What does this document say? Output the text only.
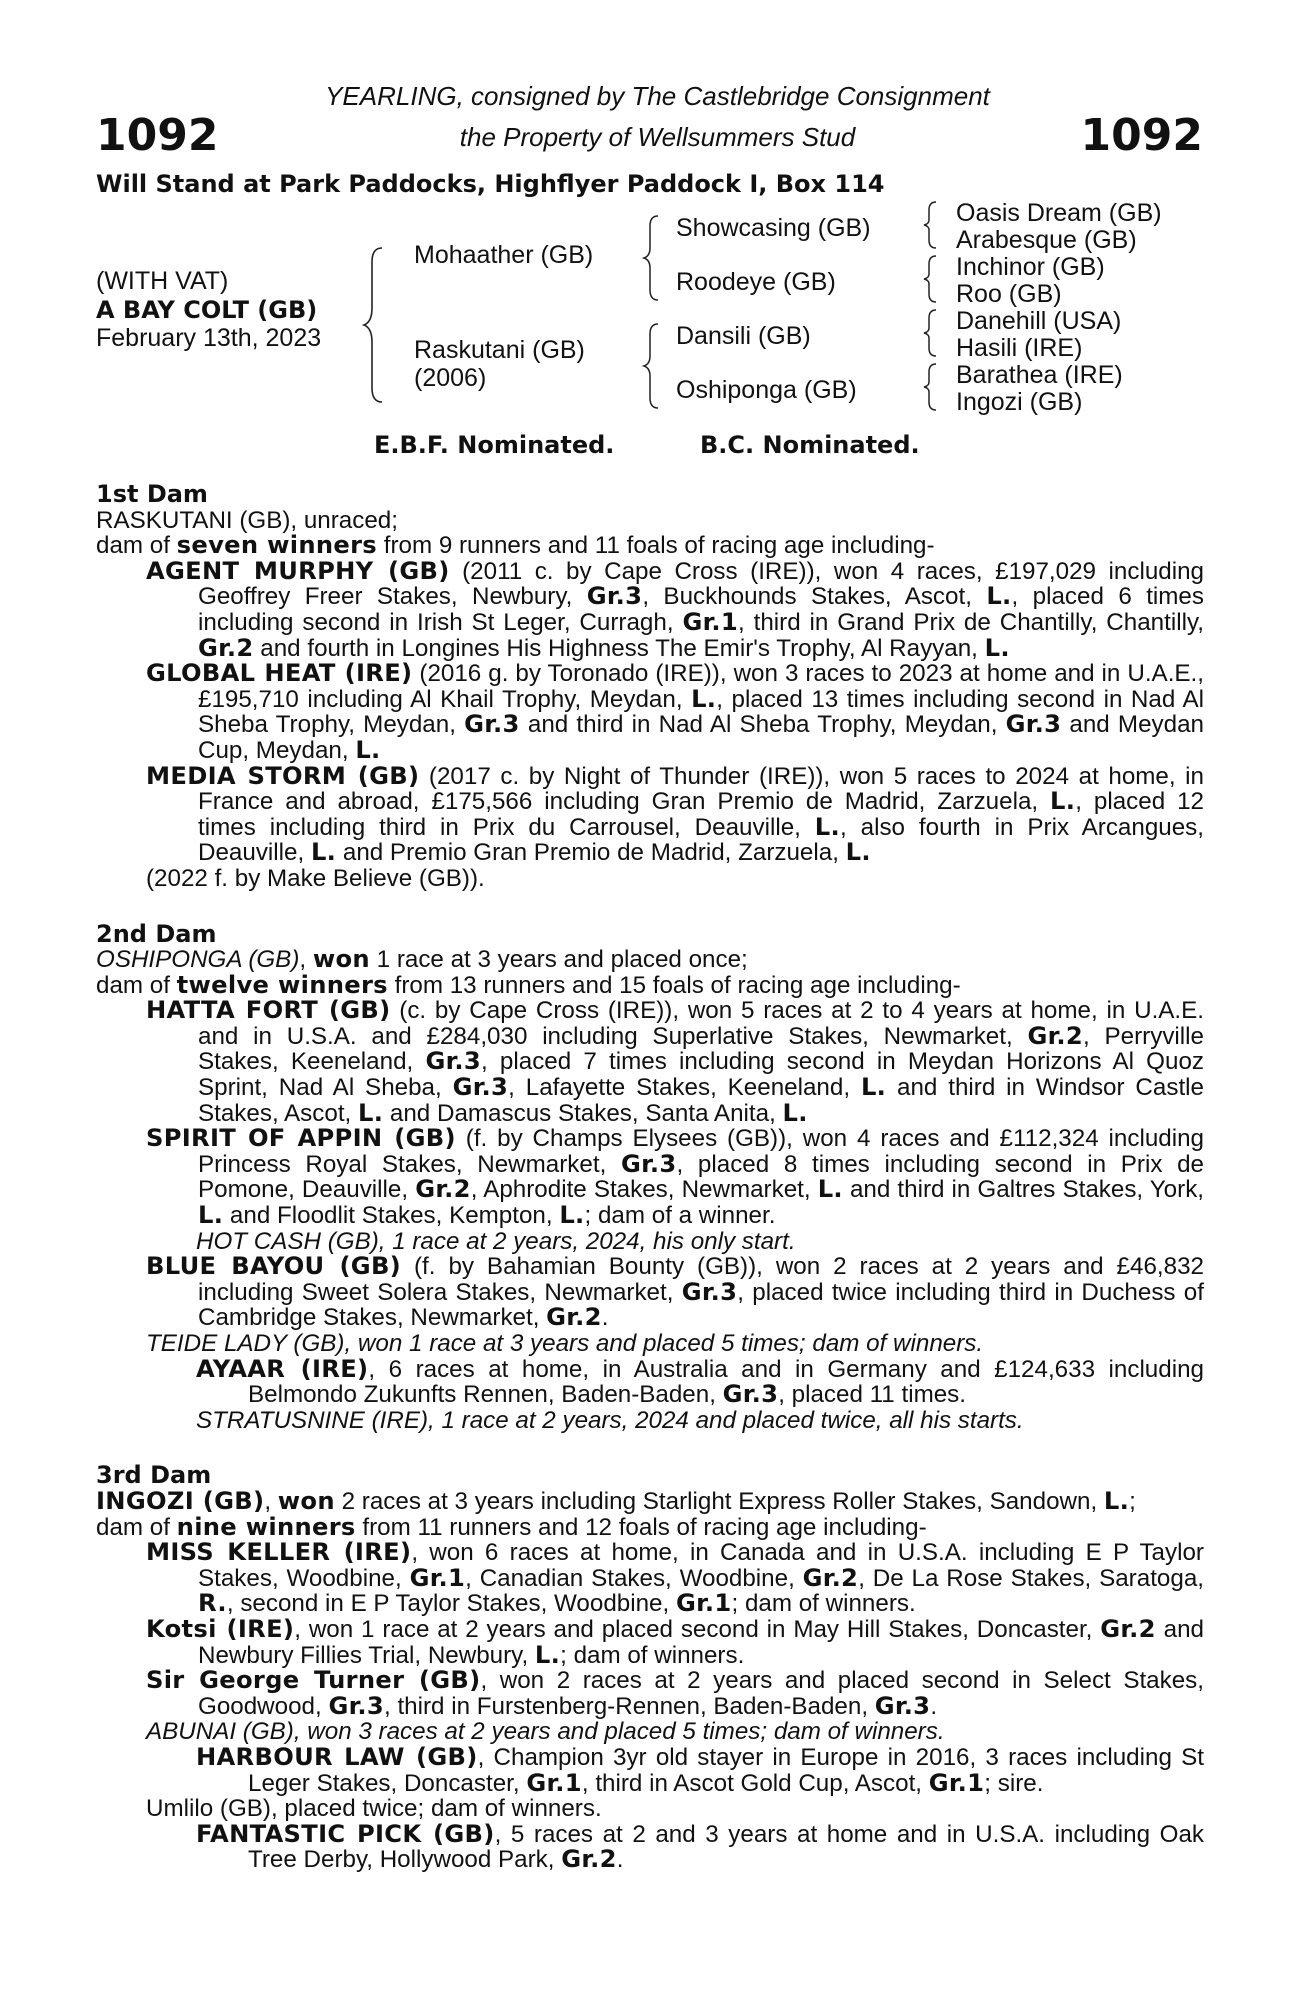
1092	1092
YEARLING, consigned by The Castlebridge Consignment
the Property of Wellsummers Stud
Will Stand at Park Paddocks, Highflyer Paddock I, Box 114
(WITH VAT)
A BAY COLT (GB)
February 13th, 2023
Mohaather (GB)
Raskutani (GB)
(2006)
Showcasing (GB)
Roodeye (GB)
Dansili (GB)
Oshiponga (GB)
Oasis Dream (GB)
Arabesque (GB)
Inchinor (GB)
Roo (GB)
Danehill (USA)
Hasili (IRE)
Barathea (IRE)
Ingozi (GB)
E.B.F. Nominated.	B.C. Nominated.
1st Dam

RASKUTANI (GB), unraced;

dam of seven winners from 9 runners and 11 foals of racing age including-

AGENT MURPHY (GB) (2011 c. by Cape Cross (IRE)), won 4 races, £197,029 including Geoffrey Freer Stakes, Newbury, Gr.3, Buckhounds Stakes, Ascot, L., placed 6 times including second in Irish St Leger, Curragh, Gr.1, third in Grand Prix de Chantilly, Chantilly, Gr.2 and fourth in Longines His Highness The Emir's Trophy, Al Rayyan, L.

GLOBAL HEAT (IRE) (2016 g. by Toronado (IRE)), won 3 races to 2023 at home and in U.A.E., £195,710 including Al Khail Trophy, Meydan, L., placed 13 times including second in Nad Al Sheba Trophy, Meydan, Gr.3 and third in Nad Al Sheba Trophy, Meydan, Gr.3 and Meydan Cup, Meydan, L.

MEDIA STORM (GB) (2017 c. by Night of Thunder (IRE)), won 5 races to 2024 at home, in France and abroad, £175,566 including Gran Premio de Madrid, Zarzuela, L., placed 12 times including third in Prix du Carrousel, Deauville, L., also fourth in Prix Arcangues, Deauville, L. and Premio Gran Premio de Madrid, Zarzuela, L.

(2022 f. by Make Believe (GB)).

2nd Dam

OSHIPONGA (GB), won 1 race at 3 years and placed once;

dam of twelve winners from 13 runners and 15 foals of racing age including-

HATTA FORT (GB) (c. by Cape Cross (IRE)), won 5 races at 2 to 4 years at home, in U.A.E. and in U.S.A. and £284,030 including Superlative Stakes, Newmarket, Gr.2, Perryville Stakes, Keeneland, Gr.3, placed 7 times including second in Meydan Horizons Al Quoz Sprint, Nad Al Sheba, Gr.3, Lafayette Stakes, Keeneland, L. and third in Windsor Castle Stakes, Ascot, L. and Damascus Stakes, Santa Anita, L.

SPIRIT OF APPIN (GB) (f. by Champs Elysees (GB)), won 4 races and £112,324 including Princess Royal Stakes, Newmarket, Gr.3, placed 8 times including second in Prix de Pomone, Deauville, Gr.2, Aphrodite Stakes, Newmarket, L. and third in Galtres Stakes, York, L. and Floodlit Stakes, Kempton, L.; dam of a winner.

HOT CASH (GB), 1 race at 2 years, 2024, his only start.

BLUE BAYOU (GB) (f. by Bahamian Bounty (GB)), won 2 races at 2 years and £46,832 including Sweet Solera Stakes, Newmarket, Gr.3, placed twice including third in Duchess of Cambridge Stakes, Newmarket, Gr.2.

TEIDE LADY (GB), won 1 race at 3 years and placed 5 times; dam of winners.

AYAAR (IRE), 6 races at home, in Australia and in Germany and £124,633 including Belmondo Zukunfts Rennen, Baden-Baden, Gr.3, placed 11 times.

STRATUSNINE (IRE), 1 race at 2 years, 2024 and placed twice, all his starts.

3rd Dam

INGOZI (GB), won 2 races at 3 years including Starlight Express Roller Stakes, Sandown, L.;

dam of nine winners from 11 runners and 12 foals of racing age including-

MISS KELLER (IRE), won 6 races at home, in Canada and in U.S.A. including E P Taylor Stakes, Woodbine, Gr.1, Canadian Stakes, Woodbine, Gr.2, De La Rose Stakes, Saratoga, R., second in E P Taylor Stakes, Woodbine, Gr.1; dam of winners.

Kotsi (IRE), won 1 race at 2 years and placed second in May Hill Stakes, Doncaster, Gr.2 and Newbury Fillies Trial, Newbury, L.; dam of winners.

Sir George Turner (GB), won 2 races at 2 years and placed second in Select Stakes, Goodwood, Gr.3, third in Furstenberg-Rennen, Baden-Baden, Gr.3.

ABUNAI (GB), won 3 races at 2 years and placed 5 times; dam of winners.

HARBOUR LAW (GB), Champion 3yr old stayer in Europe in 2016, 3 races including St Leger Stakes, Doncaster, Gr.1, third in Ascot Gold Cup, Ascot, Gr.1; sire.

Umlilo (GB), placed twice; dam of winners.

FANTASTIC PICK (GB), 5 races at 2 and 3 years at home and in U.S.A. including Oak Tree Derby, Hollywood Park, Gr.2.
